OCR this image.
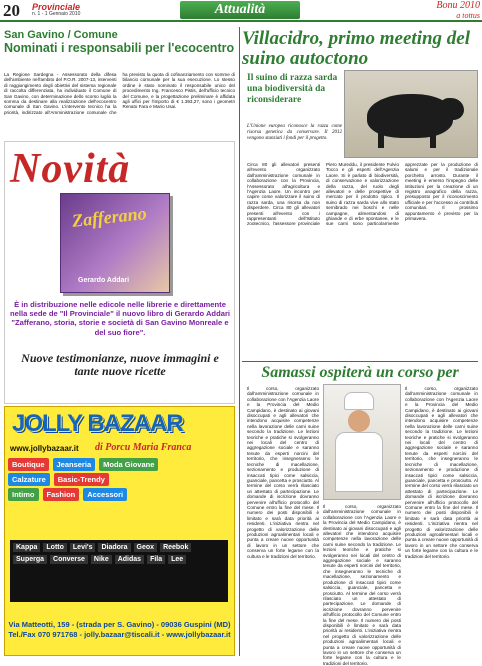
20 Provinciale
n. 1 - 1 Gennaio 2010	Attualità	Bonu 2010
a tottus
San Gavino / Comune
Nominati i responsabili per l'ecocentro
La Regione Sardegna - Assessorato della difesa dell'ambiente nell'ambito del P.O.R. 2007-13, interventi di raggiungimento degli obiettivi del sistema regionale di raccolta differenziata, ha individuato il Comune di San Gavino, con determinazione dello scorso luglio la somma da destinare alla realizzazione dell'ecocentro comunale di San Gavino. L'intervento tecnico ha la priorità, indirizzato all'Amministrazione comunale che ha previsto la quota di cofinanziamento con somme di bilancio comunale per la sua esecuzione. Lo stesso ordine è stato nominato il responsabile unico del procedimento Ing. Francesco Pistis, dell'ufficio tecnico del Comune, e la progettazione preliminare è affidata agli uffici per l'importo di € 1.393,27, sono i geometri Renato Fara e Mario Usai.
Novità
Zafferano
Gerardo Addari
È in distribuzione nelle edicole nelle librerie e direttamente nella sede de "Il Provinciale" il nuovo libro di Gerardo Addari "Zafferano, storia, storie e società di San Gavino Monreale e del suo fiore".
Nuove testimonianze, nuove immagini e tante nuove ricette
JOLLY BAZAAR
www.jollybazaar.it di Porcu Maria Franca
Boutique	Jeanseria	Moda Giovane
Calzature	Basic-Trendy
Intimo	Fashion	Accessori
Kappa	Lotto	Levi's	Diadora	Geox	Reebok
Superga	Converse	Nike	Adidas	Fila	Lee
Via Matteotti, 159 - (strada per S. Gavino) - 09036 Guspini (MD)
Tel./Fax 070 971768 - jolly.bazaar@tiscali.it - www.jollybazaar.it
Villacidro, primo meeting del suino autoctono
Il suino di razza sarda una biodiversità da riconsiderare
L'Unione europea riconosce la razza come risorsa genetica da conservare. Il 2012 vengono stanziati i fondi per il progetto.
Circa 80 gli allevatori presenti all'evento organizzato dall'amministrazione comunale in collaborazione con la Provincia, l'Assessorato all'agricoltura e l'Agenzia Laore. Un incontro per capire come valorizzare il suino di razza sarda, una risorsa da non disperdere. Circa 80 gli allevatori presenti all'evento con i rappresentanti dell'Istituto zootecnico, l'assessore provinciale Piero Mureddu, il presidente Fulvio Tocco e gli esperti dell'Agenzia Laore. Si è parlato di biodiversità, di conservazione e valorizzazione della razza, del ruolo degli allevatori e delle prospettive di mercato per il prodotto tipico. Il suino di razza sarda vive allo stato semibrado nei boschi e nelle campagne, alimentandosi di ghiande e di erbe spontanee, e le sue carni sono particolarmente apprezzate per la produzione di salumi e per il tradizionale porchetto arrosto. Durante il meeting è emerso l'impegno delle istituzioni per la creazione di un registro anagrafico della razza, presupposto per il riconoscimento ufficiale e per l'accesso ai contributi comunitari. Il prossimo appuntamento è previsto per la primavera.
Samassi ospiterà un corso per
Il corso, organizzato dall'amministrazione comunale in collaborazione con l'Agenzia Laore e la Provincia del Medio Campidano, è destinato ai giovani disoccupati e agli allevatori che intendono acquisire competenze nella lavorazione delle carni suine secondo la tradizione. Le lezioni teoriche e pratiche si svolgeranno nei locali del centro di aggregazione sociale e saranno tenute da esperti norcini del territorio, che insegneranno le tecniche di macellazione, sezionamento e produzione di insaccati tipici come salsiccia, guanciale, pancetta e prosciutto. Al termine del corso verrà rilasciato un attestato di partecipazione. Le domande di iscrizione dovranno pervenire all'ufficio protocollo del Comune entro la fine del mese. Il numero dei posti disponibili è limitato e sarà data priorità ai residenti. L'iniziativa rientra nel progetto di valorizzazione delle produzioni agroalimentari locali e punta a creare nuove opportunità di lavoro in un settore che conserva un forte legame con la cultura e le tradizioni del territorio.
Il corso, organizzato dall'amministrazione comunale in collaborazione con l'Agenzia Laore e la Provincia del Medio Campidano, è destinato ai giovani disoccupati e agli allevatori che intendono acquisire competenze nella lavorazione delle carni suine secondo la tradizione. Le lezioni teoriche e pratiche si svolgeranno nei locali del centro di aggregazione sociale e saranno tenute da esperti norcini del territorio, che insegneranno le tecniche di macellazione, sezionamento e produzione di insaccati tipici come salsiccia, guanciale, pancetta e prosciutto. Al termine del corso verrà rilasciato un attestato di partecipazione. Le domande di iscrizione dovranno pervenire all'ufficio protocollo del Comune entro la fine del mese. Il numero dei posti disponibili è limitato e sarà data priorità ai residenti. L'iniziativa rientra nel progetto di valorizzazione delle produzioni agroalimentari locali e punta a creare nuove opportunità di lavoro in un settore che conserva un forte legame con la cultura e le tradizioni del territorio.
Il corso, organizzato dall'amministrazione comunale in collaborazione con l'Agenzia Laore e la Provincia del Medio Campidano, è destinato ai giovani disoccupati e agli allevatori che intendono acquisire competenze nella lavorazione delle carni suine secondo la tradizione. Le lezioni teoriche e pratiche si svolgeranno nei locali del centro di aggregazione sociale e saranno tenute da esperti norcini del territorio, che insegneranno le tecniche di macellazione, sezionamento e produzione di insaccati tipici come salsiccia, guanciale, pancetta e prosciutto. Al termine del corso verrà rilasciato un attestato di partecipazione. Le domande di iscrizione dovranno pervenire all'ufficio protocollo del Comune entro la fine del mese. Il numero dei posti disponibili è limitato e sarà data priorità ai residenti. L'iniziativa rientra nel progetto di valorizzazione delle produzioni agroalimentari locali e punta a creare nuove opportunità di lavoro in un settore che conserva un forte legame con la cultura e le tradizioni del territorio.
